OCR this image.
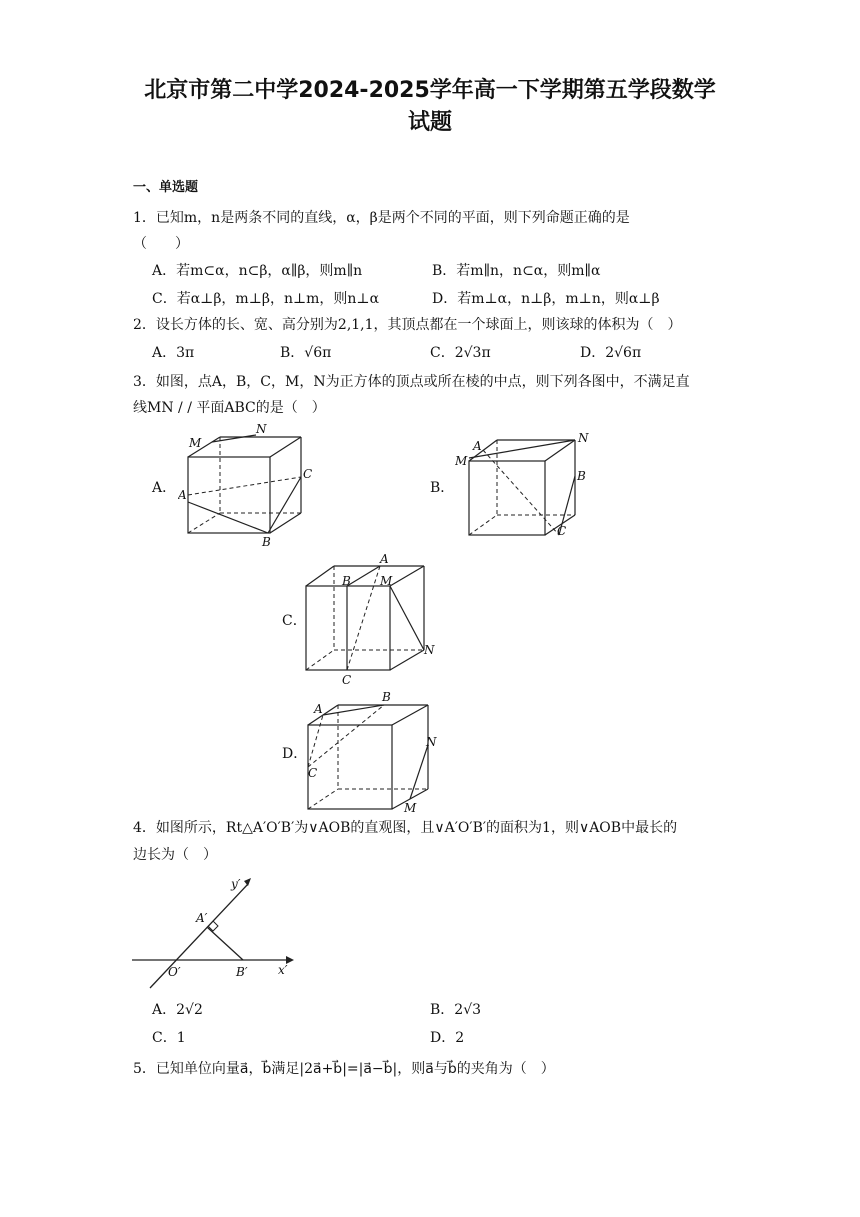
北京市第二中学2024-2025学年高一下学期第五学段数学
试题
一、单选题
1．已知m，n是两条不同的直线，α，β是两个不同的平面，则下列命题正确的是
（　　）
A．若m⊂α，n⊂β，α∥β，则m∥n	B．若m∥n，n⊂α，则m∥α
C．若α⊥β，m⊥β，n⊥m，则n⊥α	D．若m⊥α，n⊥β，m⊥n，则α⊥β
2．设长方体的长、宽、高分别为2,1,1，其顶点都在一个球面上，则该球的体积为（　）
A．3π	B．√6π	C．2√3π	D．2√6π
3．如图，点A，B，C，M，N为正方体的顶点或所在棱的中点，则下列各图中，不满足直
线MN / / 平面ABC的是（　）
A．	B．
C．
D．
M
N
A
C
B
A
M
N
B
C
B
A
M
N
C
A
B
C
N
M
4．如图所示，Rt△A′O′B′为∨AOB的直观图，且∨A′O′B′的面积为1，则∨AOB中最长的
边长为（　）
y′
x′
O′
A′
B′
A．2√2	B．2√3
C．1	D．2
5．已知单位向量a⃗，b⃗满足|2a⃗+b⃗|=|a⃗−b⃗|，则a⃗与b⃗的夹角为（　）
